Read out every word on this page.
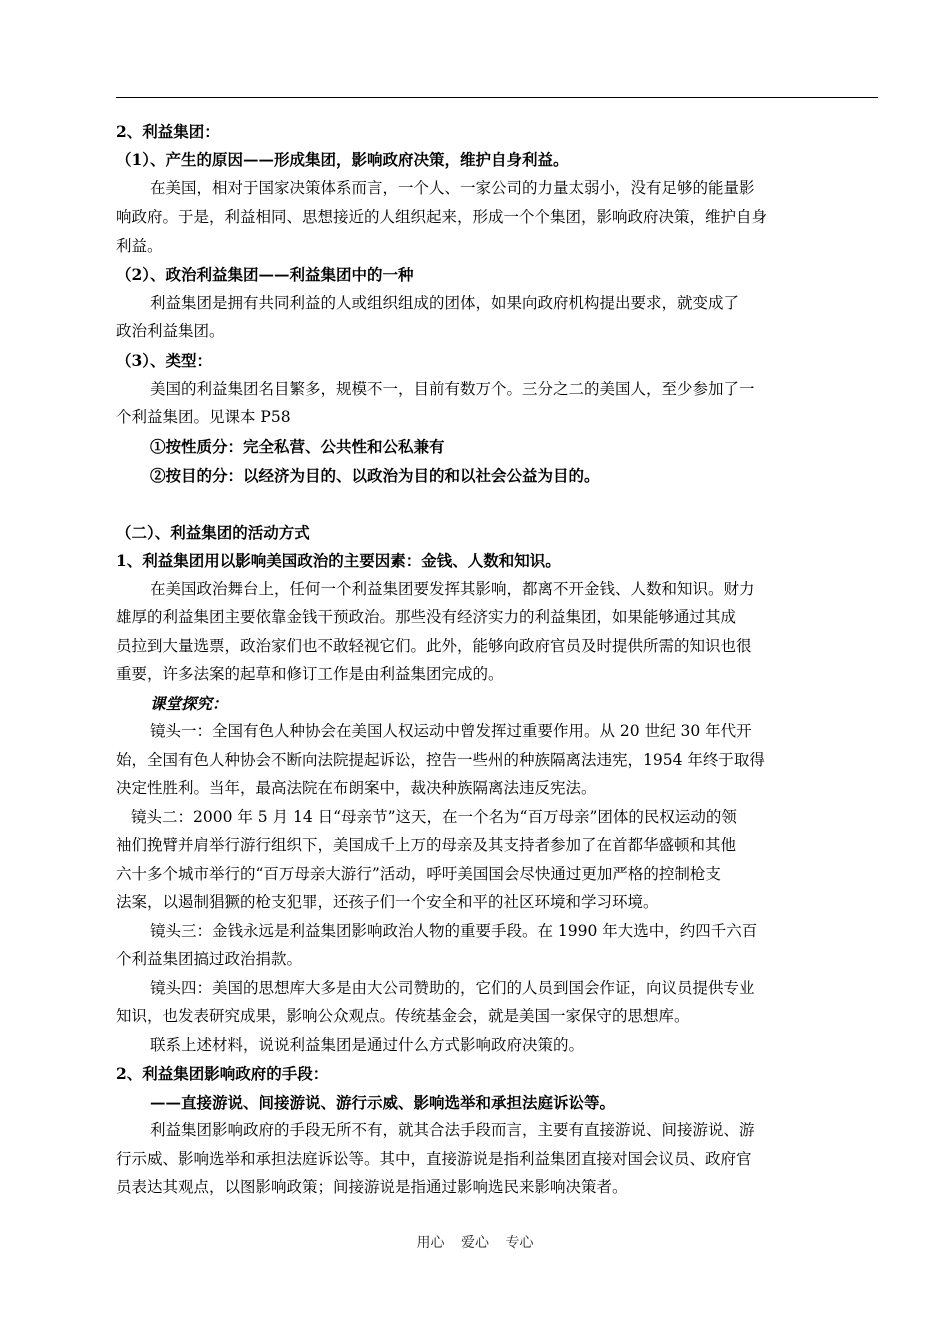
2、利益集团：
（1）、产生的原因——形成集团，影响政府决策，维护自身利益。
在美国，相对于国家决策体系而言，一个人、一家公司的力量太弱小，没有足够的能量影
响政府。于是，利益相同、思想接近的人组织起来，形成一个个集团，影响政府决策，维护自身
利益。
（2）、政治利益集团——利益集团中的一种
利益集团是拥有共同利益的人或组织组成的团体，如果向政府机构提出要求，就变成了
政治利益集团。
（3）、类型：
美国的利益集团名目繁多，规模不一，目前有数万个。三分之二的美国人，至少参加了一
个利益集团。见课本 P58
①按性质分：完全私营、公共性和公私兼有
②按目的分：以经济为目的、以政治为目的和以社会公益为目的。
（二）、利益集团的活动方式
1、利益集团用以影响美国政治的主要因素：金钱、人数和知识。
在美国政治舞台上，任何一个利益集团要发挥其影响，都离不开金钱、人数和知识。财力
雄厚的利益集团主要依靠金钱干预政治。那些没有经济实力的利益集团，如果能够通过其成
员拉到大量选票，政治家们也不敢轻视它们。此外，能够向政府官员及时提供所需的知识也很
重要，许多法案的起草和修订工作是由利益集团完成的。
课堂探究：
镜头一：全国有色人种协会在美国人权运动中曾发挥过重要作用。从 20 世纪 30 年代开
始，全国有色人种协会不断向法院提起诉讼，控告一些州的种族隔离法违宪，1954 年终于取得
决定性胜利。当年，最高法院在布朗案中，裁决种族隔离法违反宪法。
镜头二：2000 年 5 月 14 日“母亲节”这天，在一个名为“百万母亲”团体的民权运动的领
袖们挽臂并肩举行游行组织下，美国成千上万的母亲及其支持者参加了在首都华盛顿和其他
六十多个城市举行的“百万母亲大游行”活动，呼吁美国国会尽快通过更加严格的控制枪支
法案，以遏制猖獗的枪支犯罪，还孩子们一个安全和平的社区环境和学习环境。
镜头三：金钱永远是利益集团影响政治人物的重要手段。在 1990 年大选中，约四千六百
个利益集团搞过政治捐款。
镜头四：美国的思想库大多是由大公司赞助的，它们的人员到国会作证，向议员提供专业
知识，也发表研究成果，影响公众观点。传统基金会，就是美国一家保守的思想库。
联系上述材料，说说利益集团是通过什么方式影响政府决策的。
2、利益集团影响政府的手段：
——直接游说、间接游说、游行示威、影响选举和承担法庭诉讼等。
利益集团影响政府的手段无所不有，就其合法手段而言，主要有直接游说、间接游说、游
行示威、影响选举和承担法庭诉讼等。其中，直接游说是指利益集团直接对国会议员、政府官
员表达其观点，以图影响政策；间接游说是指通过影响选民来影响决策者。
用心 爱心 专心
